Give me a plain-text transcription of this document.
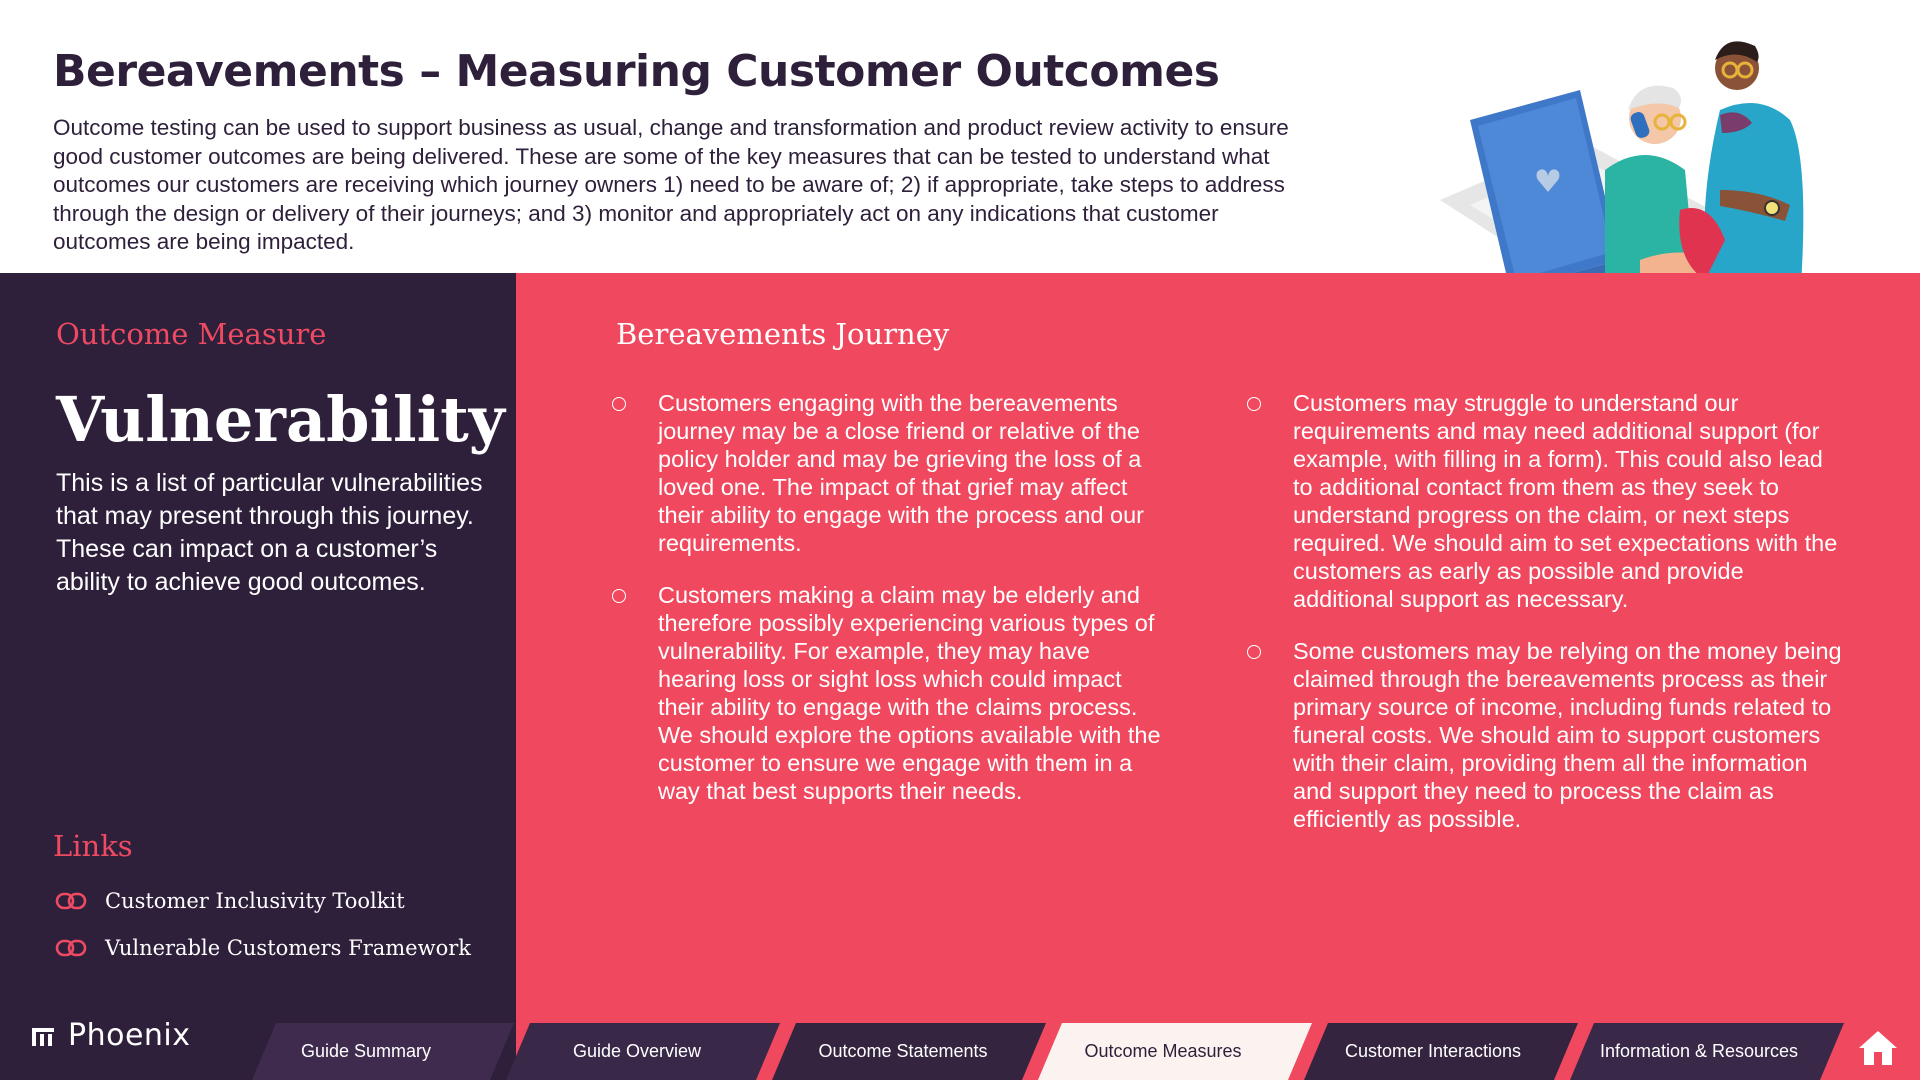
Bereavements – Measuring Customer Outcomes

Outcome testing can be used to support business as usual, change and transformation and product review activity to ensure good customer outcomes are being delivered. These are some of the key measures that can be tested to understand what outcomes our customers are receiving which journey owners 1) need to be aware of; 2) if appropriate, take steps to address through the design or delivery of their journeys; and 3) monitor and appropriately act on any indications that customer outcomes are being impacted.

Outcome Measure
Vulnerability

This is a list of particular vulnerabilities that may present through this journey. These can impact on a customer’s ability to achieve good outcomes.

Links
Customer Inclusivity Toolkit
Vulnerable Customers Framework
Bereavements Journey
Customers engaging with the bereavements journey may be a close friend or relative of the policy holder and may be grieving the loss of a loved one. The impact of that grief may affect their ability to engage with the process and our requirements.
Customers making a claim may be elderly and therefore possibly experiencing various types of vulnerability. For example, they may have hearing loss or sight loss which could impact their ability to engage with the claims process. We should explore the options available with the customer to ensure we engage with them in a way that best supports their needs.
Customers may struggle to understand our requirements and may need additional support (for example, with filling in a form). This could also lead to additional contact from them as they seek to understand progress on the claim, or next steps required. We should aim to set expectations with the customers as early as possible and provide additional support as necessary.
Some customers may be relying on the money being claimed through the bereavements process as their primary source of income, including funds related to funeral costs. We should aim to support customers with their claim, providing them all the information and support they need to process the claim as efficiently as possible.
Guide Summary	Guide Overview	Outcome Statements	Outcome Measures	Customer Interactions	Information & Resources
Phoenix
